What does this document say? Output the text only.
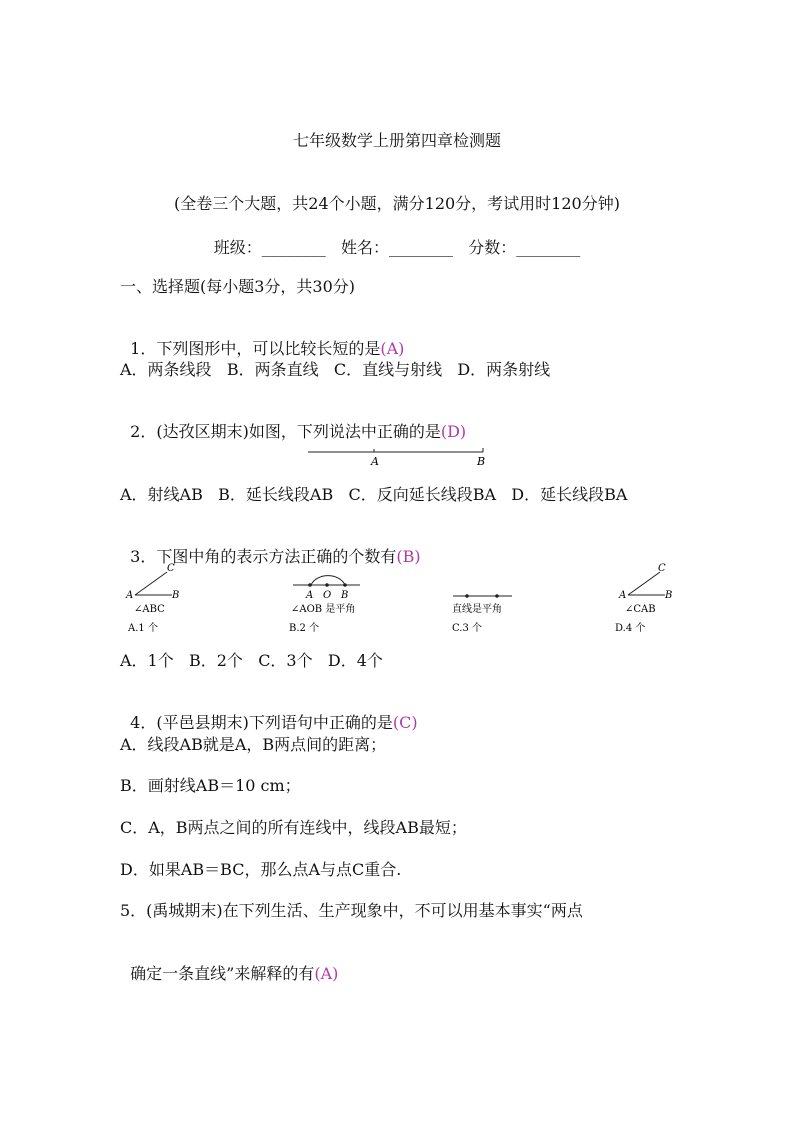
七年级数学上册第四章检测题
(全卷三个大题，共24个小题，满分120分，考试用时120分钟)
班级：________   姓名：________   分数：________
一、选择题(每小题3分，共30分)

1．下列图形中，可以比较长短的是(A)

A．两条线段   B．两条直线   C．直线与射线   D．两条射线

2．(达孜区期末)如图，下列说法中正确的是(D)

A	B
A．射线AB   B．延长线段AB   C．反向延长线段BA   D．延长线段BA

3．下图中角的表示方法正确的个数有(B)

C
A	B
∠ABC
A.1 个
A O B
∠AOB 是平角
B.2 个
直线是平角
C.3 个
C
A	B
∠CAB
D.4 个
A．1个   B．2个   C．3个   D．4个

4．(平邑县期末)下列语句中正确的是(C)

A．线段AB就是A，B两点间的距离；
B．画射线AB＝10 cm；
C．A，B两点之间的所有连线中，线段AB最短；
D．如果AB＝BC，那么点A与点C重合.
5．(禹城期末)在下列生活、生产现象中，不可以用基本事实“两点

确定一条直线”来解释的有(A)
